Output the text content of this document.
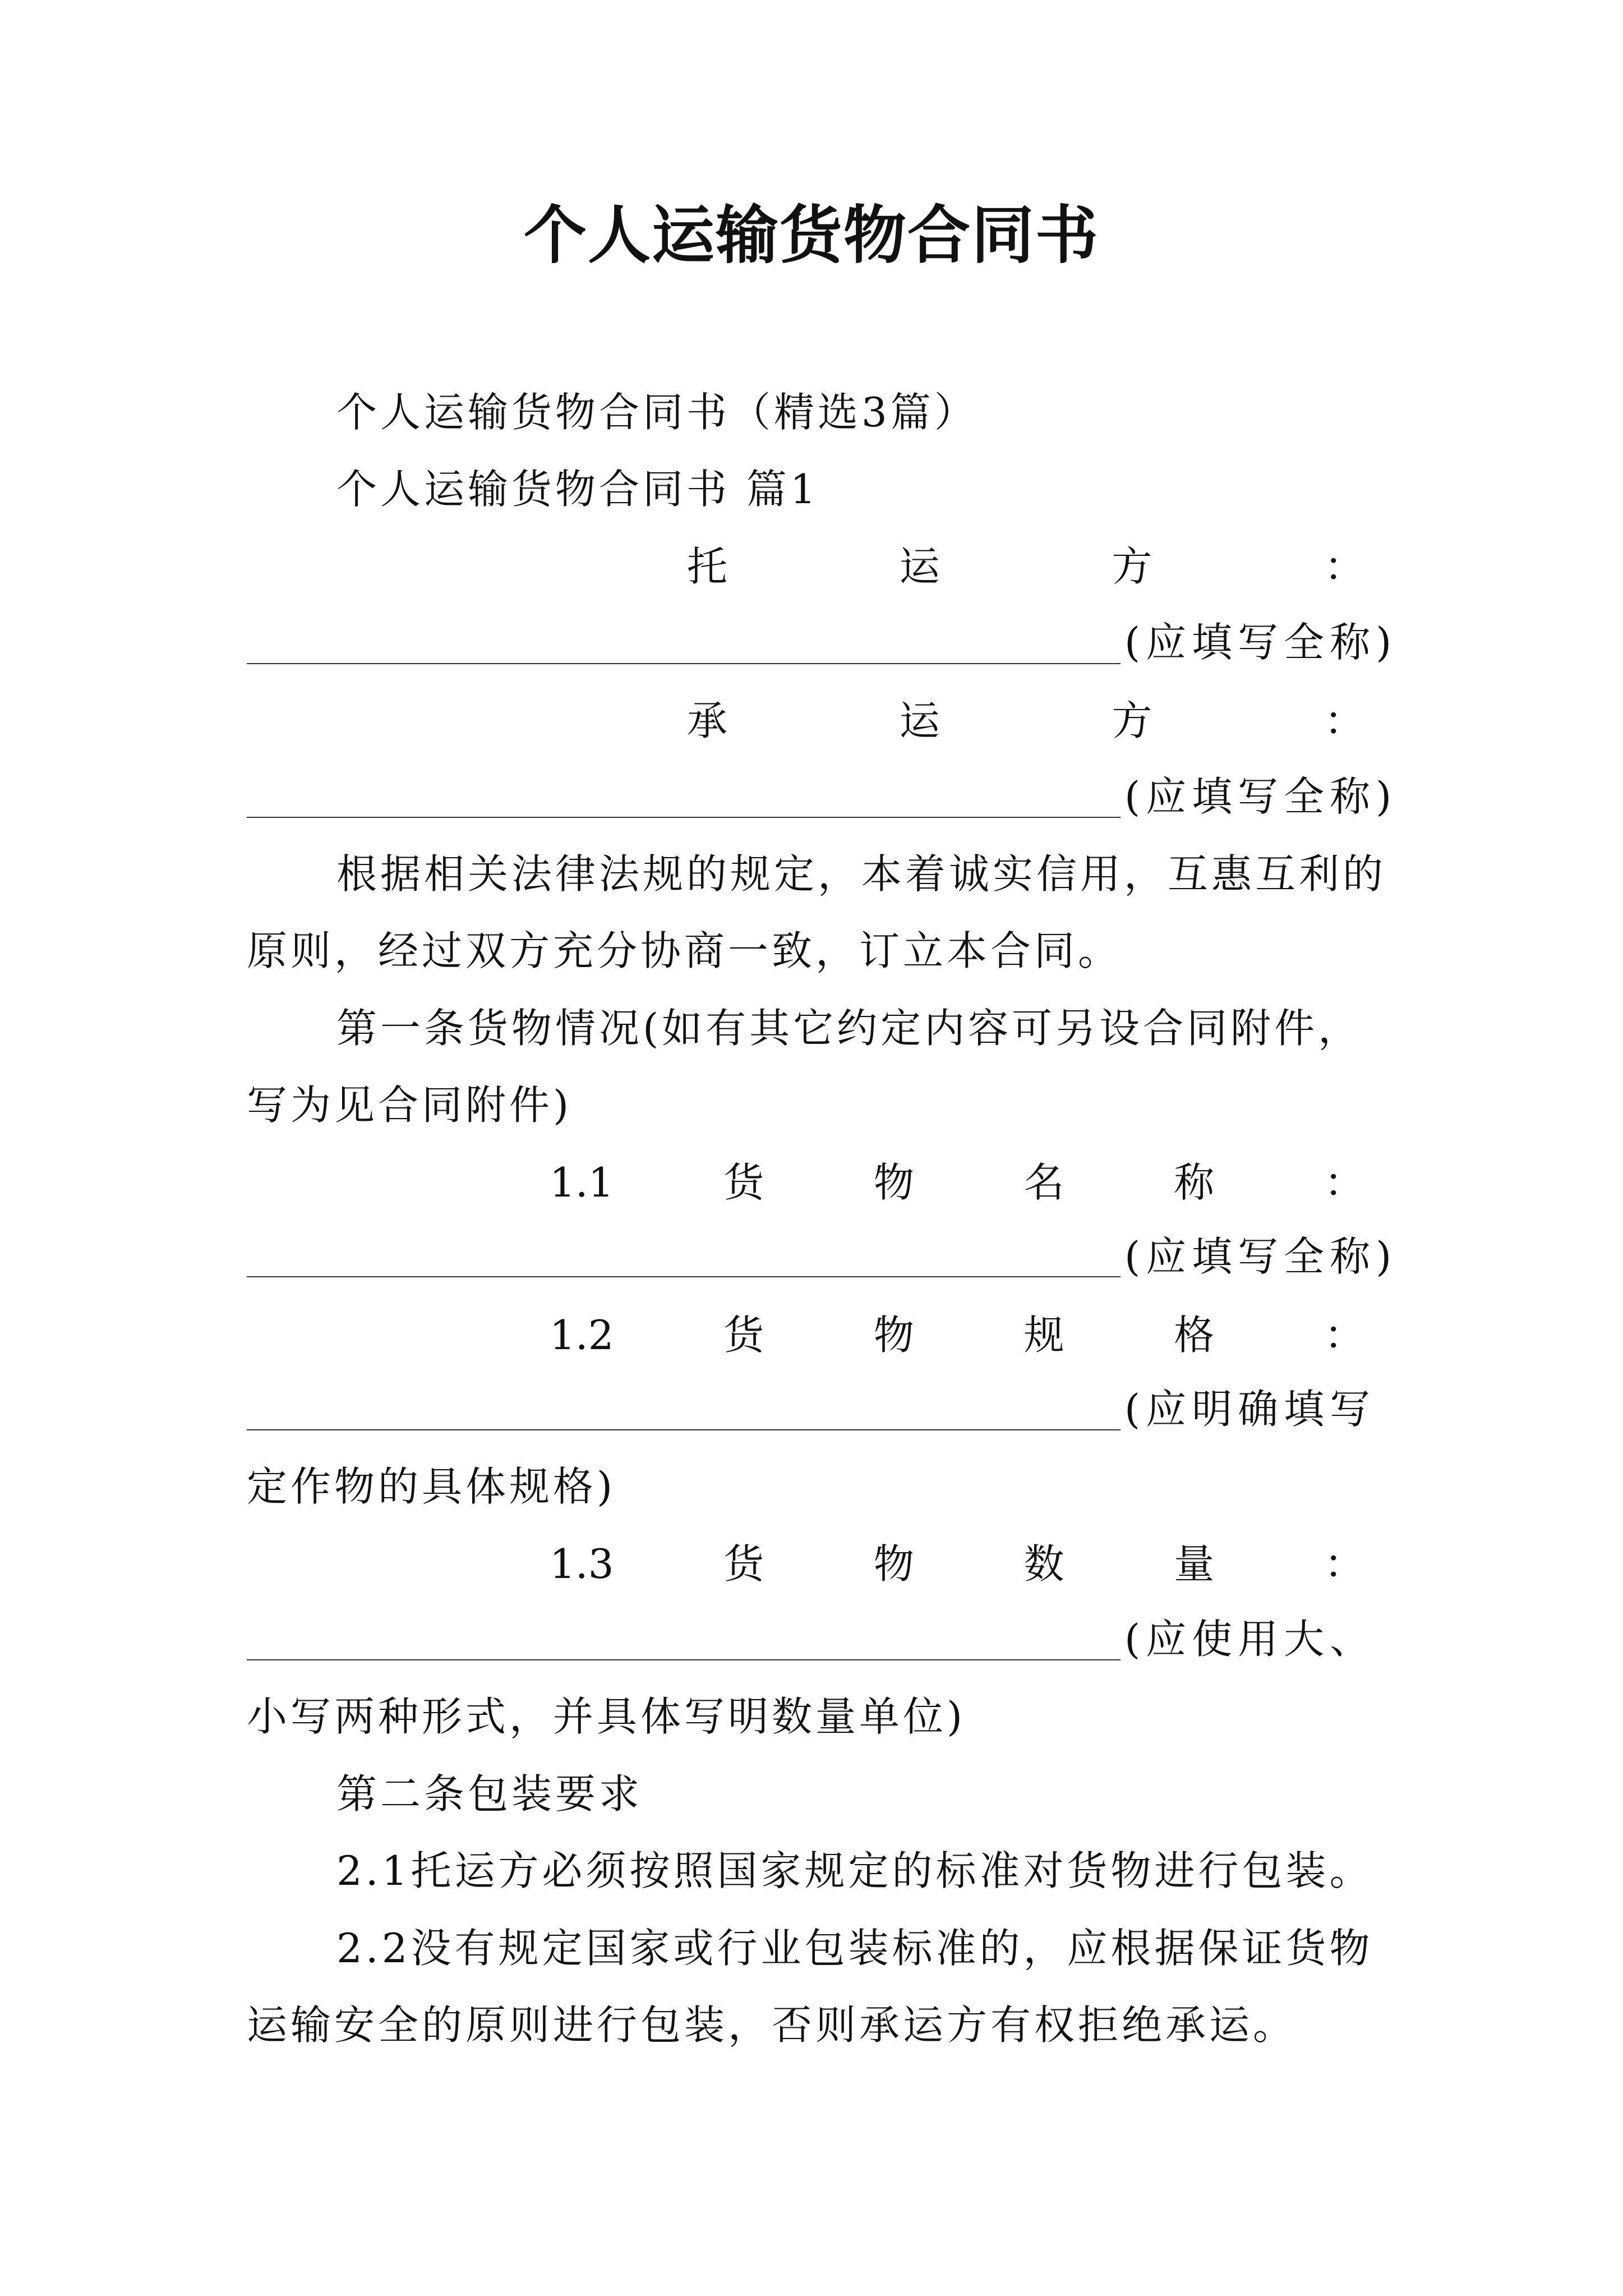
个人运输货物合同书
个人运输货物合同书（精选3篇）
个人运输货物合同书 篇1
托	运	方	：
(应填写全称)
承	运	方	：
(应填写全称)
根据相关法律法规的规定，本着诚实信用，互惠互利的
原则，经过双方充分协商一致，订立本合同。
第一条货物情况(如有其它约定内容可另设合同附件，
写为见合同附件)
1.1	货	物	名	称	：
(应填写全称)
1.2	货	物	规	格	：
(应明确填写
定作物的具体规格)
1.3	货	物	数	量	：
(应使用大、
小写两种形式，并具体写明数量单位)
第二条包装要求
2.1托运方必须按照国家规定的标准对货物进行包装。
2.2没有规定国家或行业包装标准的，应根据保证货物
运输安全的原则进行包装，否则承运方有权拒绝承运。
